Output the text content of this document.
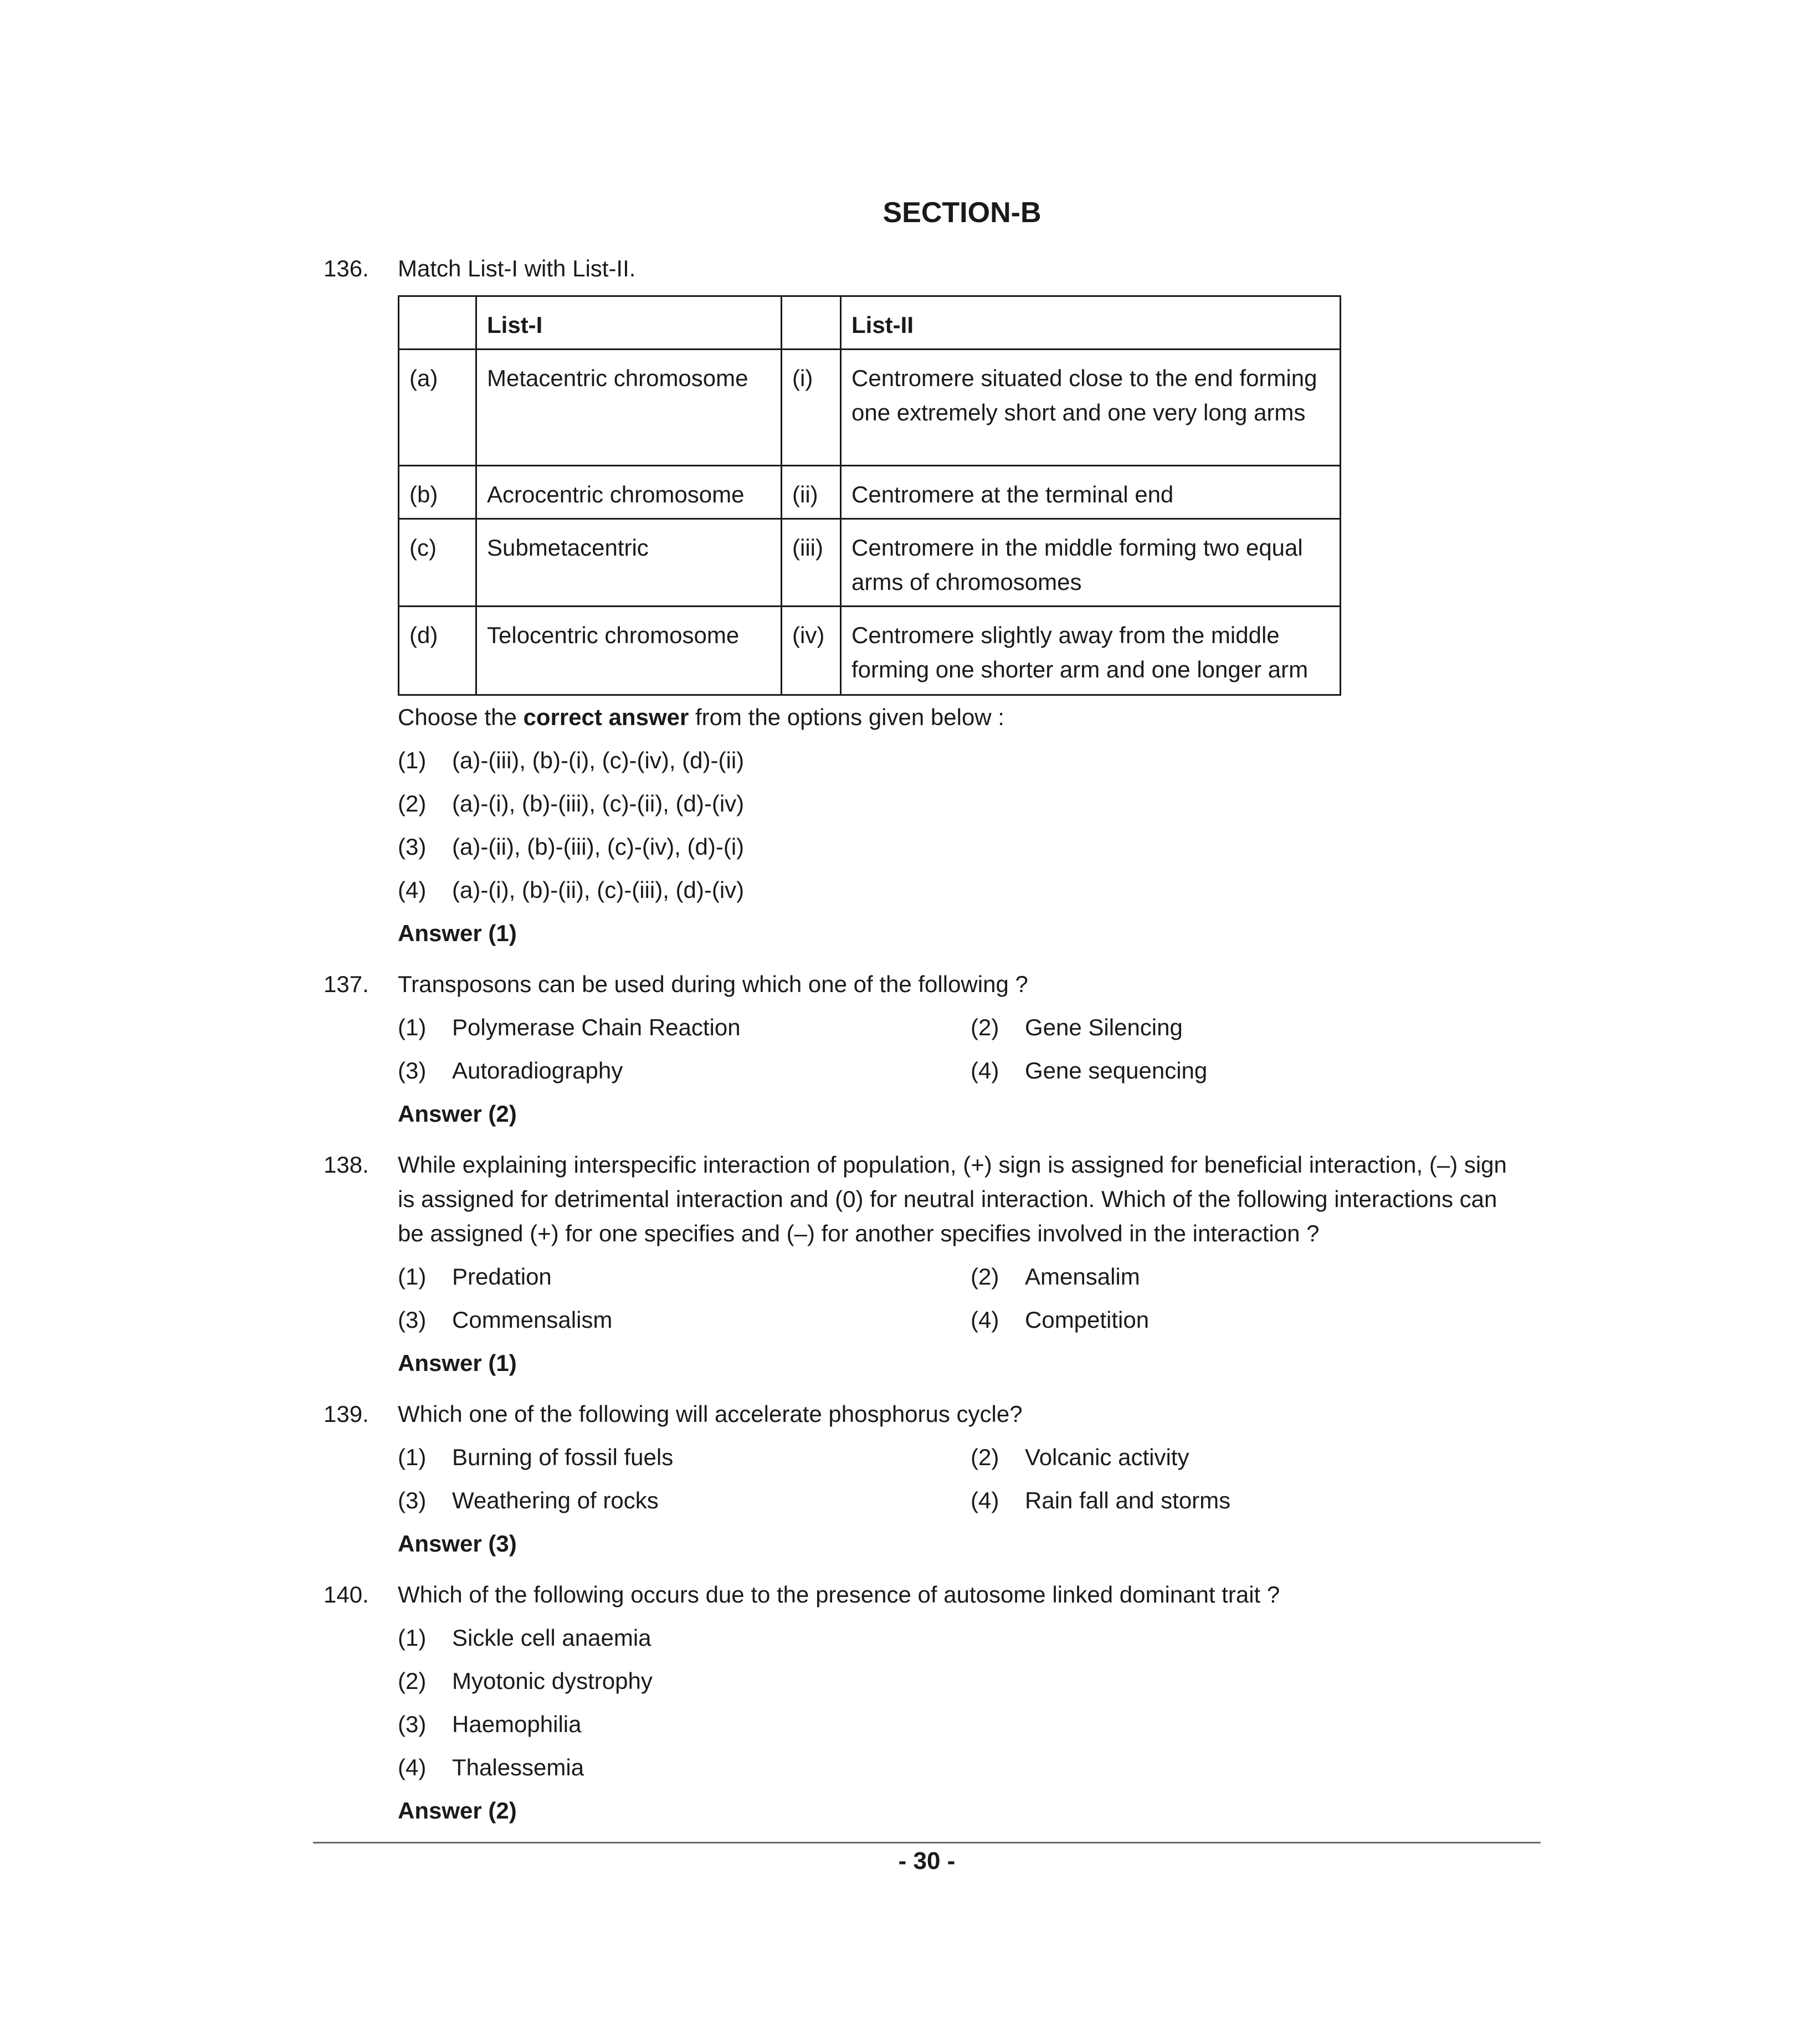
SECTION-B
136. Match List-I with List-II.
	List-I		List-II
(a)	Metacentric chromosome	(i)	Centromere situated close to the end forming one extremely short and one very long arms
(b)	Acrocentric chromosome	(ii)	Centromere at the terminal end
(c)	Submetacentric	(iii)	Centromere in the middle forming two equal arms of chromosomes
(d)	Telocentric chromosome	(iv)	Centromere slightly away from the middle forming one shorter arm and one longer arm
Choose the correct answer from the options given below :
(1) (a)-(iii), (b)-(i), (c)-(iv), (d)-(ii)
(2) (a)-(i), (b)-(iii), (c)-(ii), (d)-(iv)
(3) (a)-(ii), (b)-(iii), (c)-(iv), (d)-(i)
(4) (a)-(i), (b)-(ii), (c)-(iii), (d)-(iv)
Answer (1)
137. Transposons can be used during which one of the following ?
(1) Polymerase Chain Reaction	(2) Gene Silencing
(3) Autoradiography	(4) Gene sequencing
Answer (2)
138. While explaining interspecific interaction of population, (+) sign is assigned for beneficial interaction, (–) sign
is assigned for detrimental interaction and (0) for neutral interaction. Which of the following interactions can
be assigned (+) for one specifies and (–) for another specifies involved in the interaction ?
(1) Predation	(2) Amensalim
(3) Commensalism	(4) Competition
Answer (1)
139. Which one of the following will accelerate phosphorus cycle?
(1) Burning of fossil fuels	(2) Volcanic activity
(3) Weathering of rocks	(4) Rain fall and storms
Answer (3)
140. Which of the following occurs due to the presence of autosome linked dominant trait ?
(1) Sickle cell anaemia
(2) Myotonic dystrophy
(3) Haemophilia
(4) Thalessemia
Answer (2)
- 30 -
